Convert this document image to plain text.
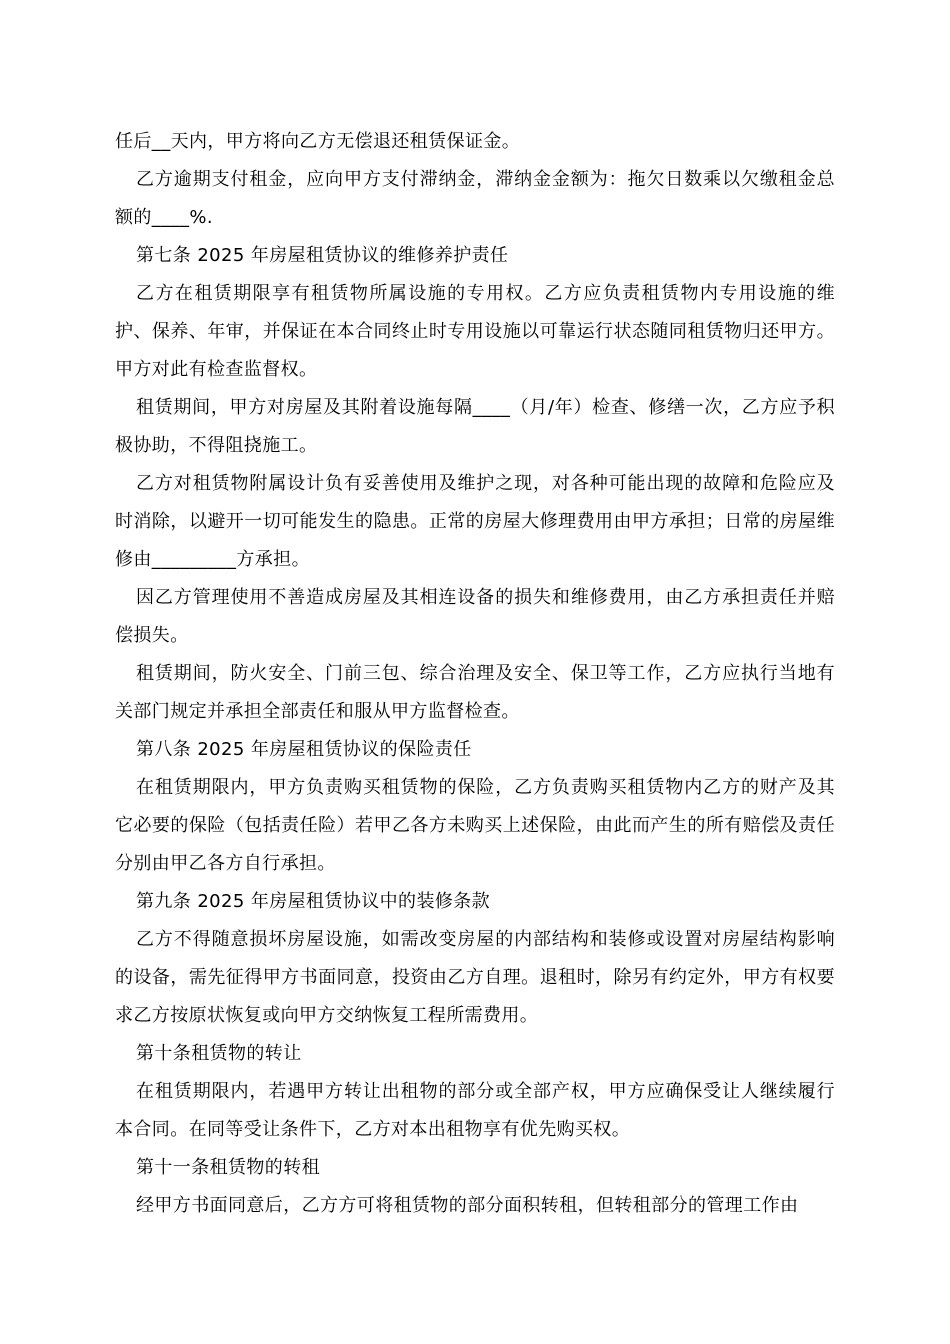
任后__天内，甲方将向乙方无偿退还租赁保证金。

乙方逾期支付租金，应向甲方支付滞纳金，滞纳金金额为：拖欠日数乘以欠缴租金总额的____%.

第七条 2025 年房屋租赁协议的维修养护责任

乙方在租赁期限享有租赁物所属设施的专用权。乙方应负责租赁物内专用设施的维护、保养、年审，并保证在本合同终止时专用设施以可靠运行状态随同租赁物归还甲方。甲方对此有检查监督权。

租赁期间，甲方对房屋及其附着设施每隔____（月/年）检查、修缮一次，乙方应予积极协助，不得阻挠施工。

乙方对租赁物附属设计负有妥善使用及维护之现，对各种可能出现的故障和危险应及时消除，以避开一切可能发生的隐患。正常的房屋大修理费用由甲方承担；日常的房屋维修由_________方承担。

因乙方管理使用不善造成房屋及其相连设备的损失和维修费用，由乙方承担责任并赔偿损失。

租赁期间，防火安全、门前三包、综合治理及安全、保卫等工作，乙方应执行当地有关部门规定并承担全部责任和服从甲方监督检查。

第八条 2025 年房屋租赁协议的保险责任

在租赁期限内，甲方负责购买租赁物的保险，乙方负责购买租赁物内乙方的财产及其它必要的保险（包括责任险）若甲乙各方未购买上述保险，由此而产生的所有赔偿及责任分别由甲乙各方自行承担。

第九条 2025 年房屋租赁协议中的装修条款

乙方不得随意损坏房屋设施，如需改变房屋的内部结构和装修或设置对房屋结构影响的设备，需先征得甲方书面同意，投资由乙方自理。退租时，除另有约定外，甲方有权要求乙方按原状恢复或向甲方交纳恢复工程所需费用。

第十条租赁物的转让

在租赁期限内，若遇甲方转让出租物的部分或全部产权，甲方应确保受让人继续履行本合同。在同等受让条件下，乙方对本出租物享有优先购买权。

第十一条租赁物的转租

经甲方书面同意后，乙方方可将租赁物的部分面积转租，但转租部分的管理工作由
